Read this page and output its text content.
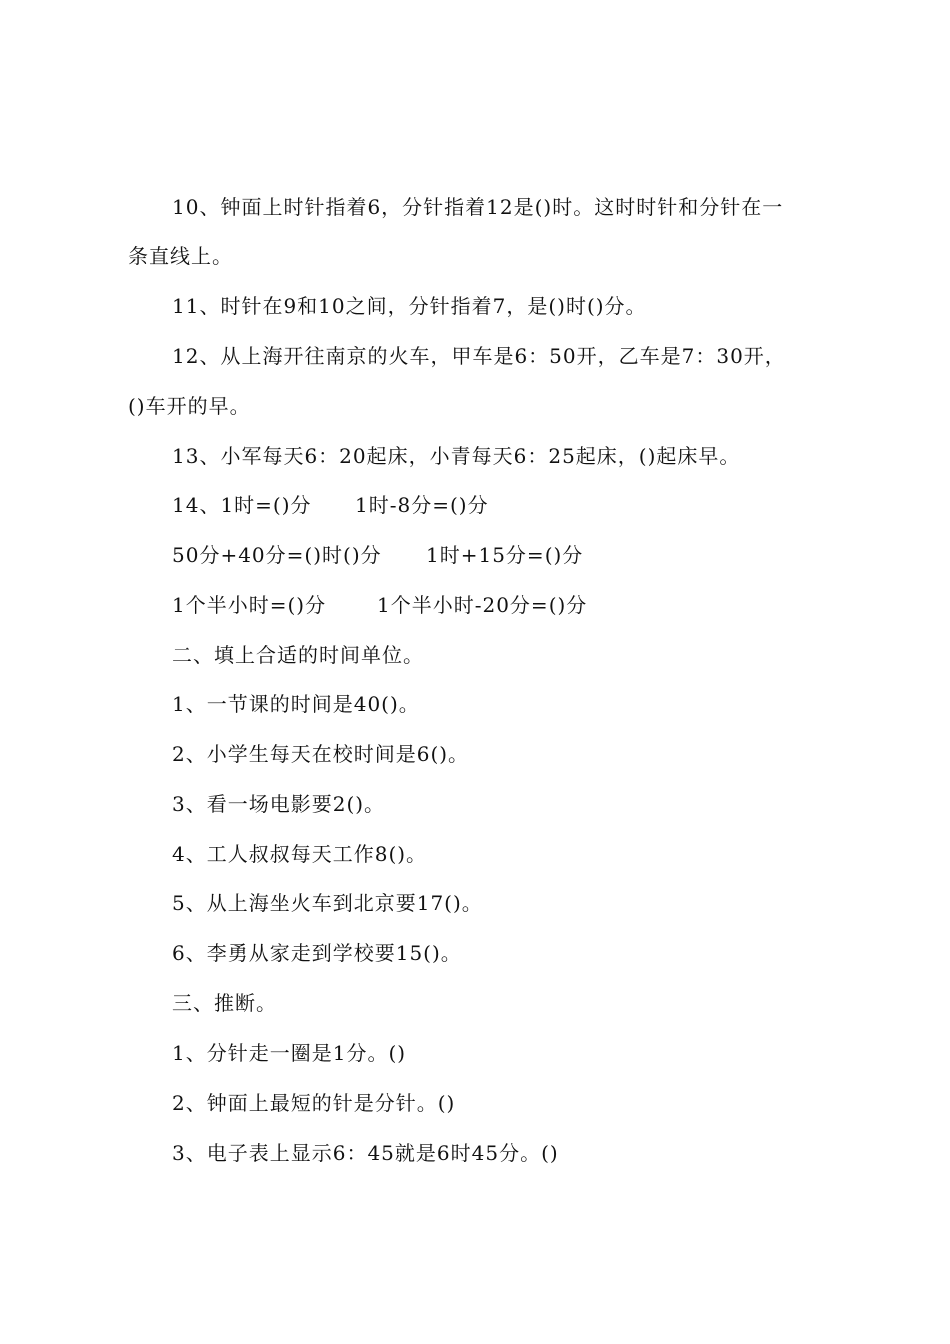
10、钟面上时针指着6，分针指着12是()时。这时时针和分针在一
条直线上。
11、时针在9和10之间，分针指着7，是()时()分。
12、从上海开往南京的火车，甲车是6：50开，乙车是7：30开，
()车开的早。
13、小军每天6：20起床，小青每天6：25起床，()起床早。
14、1时=()分 1时-8分=()分
50分+40分=()时()分 1时+15分=()分
1个半小时=()分	1个半小时-20分=()分
二、填上合适的时间单位。
1、一节课的时间是40()。
2、小学生每天在校时间是6()。
3、看一场电影要2()。
4、工人叔叔每天工作8()。
5、从上海坐火车到北京要17()。
6、李勇从家走到学校要15()。
三、推断。
1、分针走一圈是1分。()
2、钟面上最短的针是分针。()
3、电子表上显示6：45就是6时45分。()
